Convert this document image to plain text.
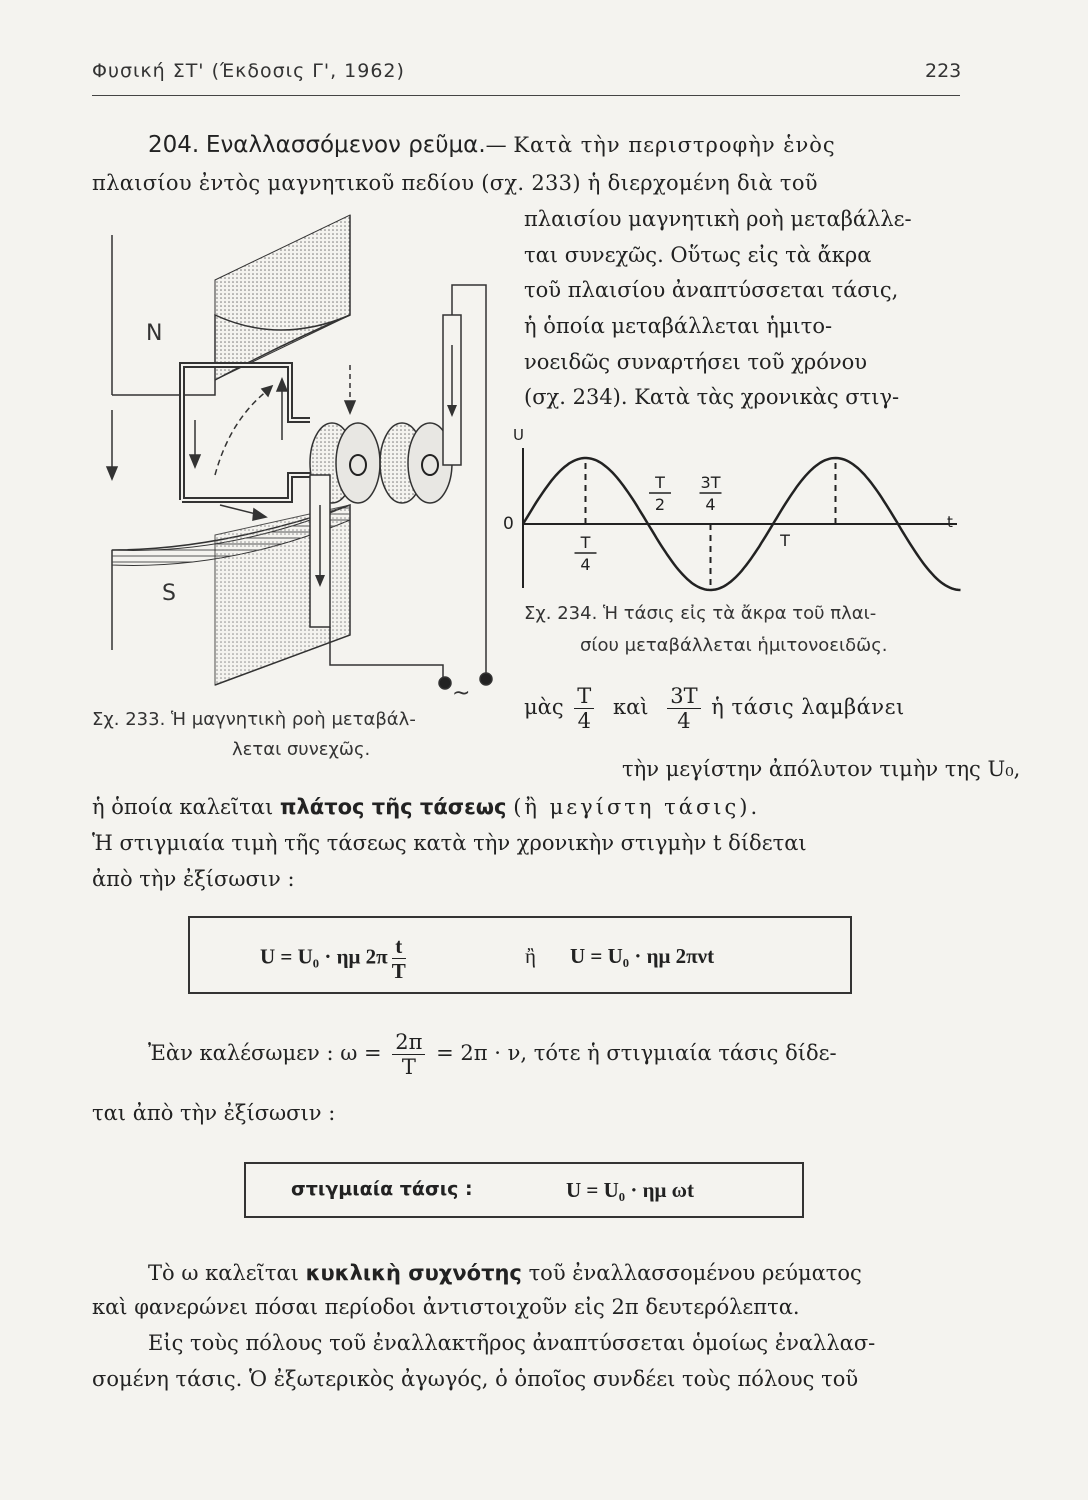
Φυσική ΣΤ' (Έκδοσις Γ', 1962)	223
204. Εναλλασσόμενον ρεῦμα.— Κατὰ τὴν περιστροφὴν ἑνὸς
πλαισίου ἐντὸς μαγνητικοῦ πεδίου (σχ. 233) ἡ διερχομένη διὰ τοῦ
πλαισίου μαγνητικὴ ροὴ μεταβάλλε-
ται συνεχῶς. Οὕτως εἰς τὰ ἄκρα
τοῦ πλαισίου ἀναπτύσσεται τάσις,
ἡ ὁποία μεταβάλλεται ἡμιτο-
νοειδῶς συναρτήσει τοῦ χρόνου
(σχ. 234). Κατὰ τὰς χρονικὰς στιγ-
N
S
~
U
t
0
T
4
T
2
3T
4
T
Σχ. 234. Ἡ τάσις εἰς τὰ ἄκρα τοῦ πλαι-
σίου μεταβάλλεται ἡμιτονοειδῶς.
Σχ. 233. Ἡ μαγνητικὴ ροὴ μεταβάλ-
λεται συνεχῶς.
μὰς $\frac{T}{4}$ καὶ $\frac{3T}{4}$ ἡ τάσις λαμβάνει
τὴν μεγίστην ἀπόλυτον τιμὴν της U₀,
ἡ ὁποία καλεῖται πλάτος τῆς τάσεως (ἢ μεγίστη τάσις).
Ἡ στιγμιαία τιμὴ τῆς τάσεως κατὰ τὴν χρονικὴν στιγμὴν t δίδεται
ἀπὸ τὴν ἐξίσωσιν :
U = U₀ · ημ $2\pi \frac{t}{T}$	ἢ U = U₀ · ημ 2πνt
Ἐὰν καλέσωμεν : $\omega = \frac{2\pi}{T} = 2\pi \cdot \nu$, τότε ἡ στιγμιαία τάσις δίδε-
ται ἀπὸ τὴν ἐξίσωσιν :
στιγμιαία τάσις :	U = U₀ · ημ ωt
Τὸ ω καλεῖται κυκλικὴ συχνότης τοῦ ἐναλλασσομένου ρεύματος
καὶ φανερώνει πόσαι περίοδοι ἀντιστοιχοῦν εἰς 2π δευτερόλεπτα.
Εἰς τοὺς πόλους τοῦ ἐναλλακτῆρος ἀναπτύσσεται ὁμοίως ἐναλλασ-
σομένη τάσις. Ὁ ἐξωτερικὸς ἀγωγός, ὁ ὁποῖος συνδέει τοὺς πόλους τοῦ
